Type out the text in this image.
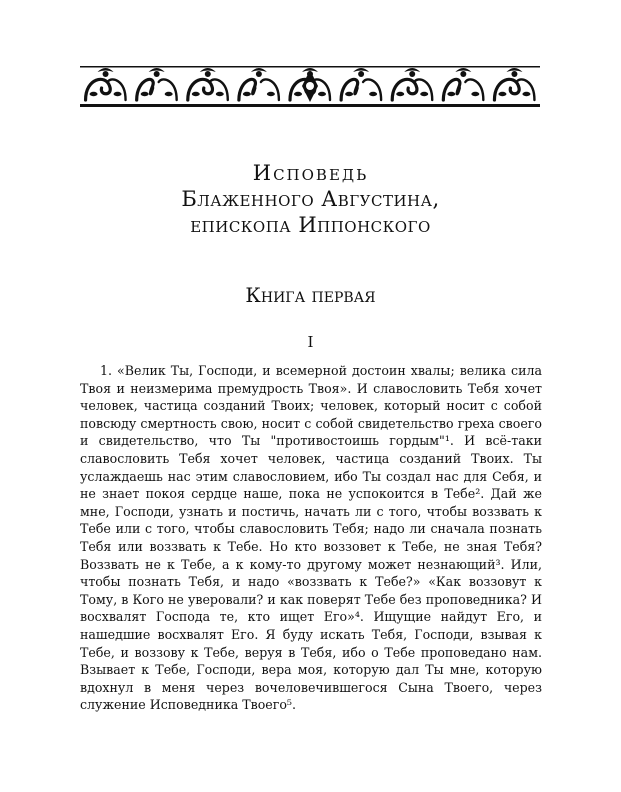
Исповедь
Блаженного Августина,
епископа Иппонского
Книга первая
I

1. «Велик Ты, Господи, и всемерной достоин хвалы; велика сила Твоя и неизмерима премудрость Твоя». И славословить Тебя хочет человек, частица созданий Твоих; человек, который носит с собой повсюду смертность свою, носит с собой свидетельство греха своего и свидетельство, что Ты "противостоишь гордым"¹. И всё-таки славословить Тебя хочет человек, частица созданий Твоих. Ты услаждаешь нас этим славословием, ибо Ты создал нас для Себя, и не знает покоя сердце наше, пока не успокоится в Тебе². Дай же мне, Господи, узнать и постичь, начать ли с того, чтобы воззвать к Тебе или с того, чтобы славословить Тебя; надо ли сначала познать Тебя или воззвать к Тебе. Но кто воззовет к Тебе, не зная Тебя? Воззвать не к Тебе, а к кому-то другому может незнающий³. Или, чтобы познать Тебя, и надо «воззвать к Тебе?» «Как воззовут к Тому, в Кого не уверовали? и как поверят Тебе без проповедника? И восхвалят Господа те, кто ищет Его»⁴. Ищущие найдут Его, и нашедшие восхвалят Его. Я буду искать Тебя, Господи, взывая к Тебе, и воззову к Тебе, веруя в Тебя, ибо о Тебе проповедано нам. Взывает к Тебе, Господи, вера моя, которую дал Ты мне, которую вдохнул в меня через вочеловечившегося Сына Твоего, через служение Исповедника Твоего⁵.
